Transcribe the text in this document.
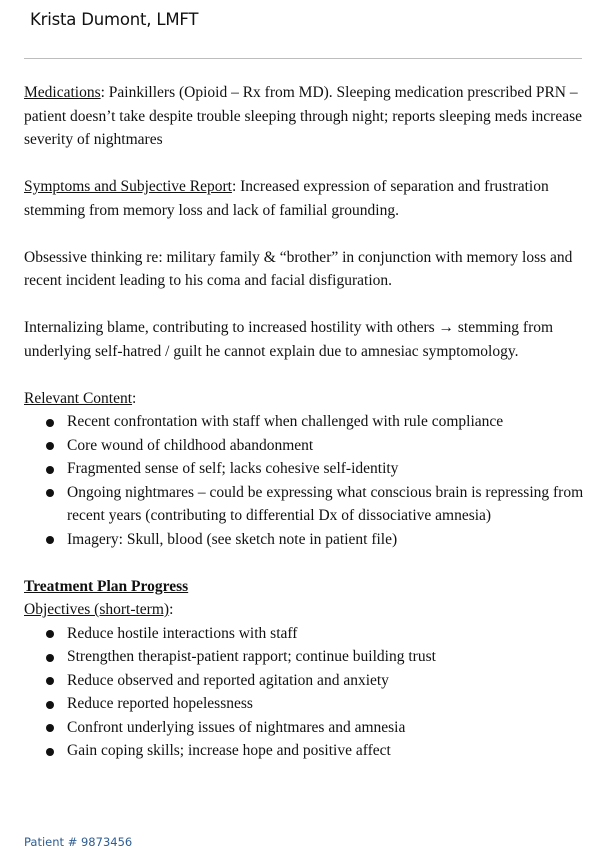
Krista Dumont, LMFT

Medications: Painkillers (Opioid – Rx from MD). Sleeping medication prescribed PRN – patient doesn’t take despite trouble sleeping through night; reports sleeping meds increase severity of nightmares

Symptoms and Subjective Report: Increased expression of separation and frustration stemming from memory loss and lack of familial grounding.

Obsessive thinking re: military family & “brother” in conjunction with memory loss and recent incident leading to his coma and facial disfiguration.

Internalizing blame, contributing to increased hostility with others → stemming from underlying self-hatred / guilt he cannot explain due to amnesiac symptomology.

Relevant Content:

Recent confrontation with staff when challenged with rule compliance
Core wound of childhood abandonment
Fragmented sense of self; lacks cohesive self-identity
Ongoing nightmares – could be expressing what conscious brain is repressing from recent years (contributing to differential Dx of dissociative amnesia)
Imagery: Skull, blood (see sketch note in patient file)

Treatment Plan Progress

Objectives (short-term):

Reduce hostile interactions with staff
Strengthen therapist-patient rapport; continue building trust
Reduce observed and reported agitation and anxiety
Reduce reported hopelessness
Confront underlying issues of nightmares and amnesia
Gain coping skills; increase hope and positive affect
Patient # 9873456
